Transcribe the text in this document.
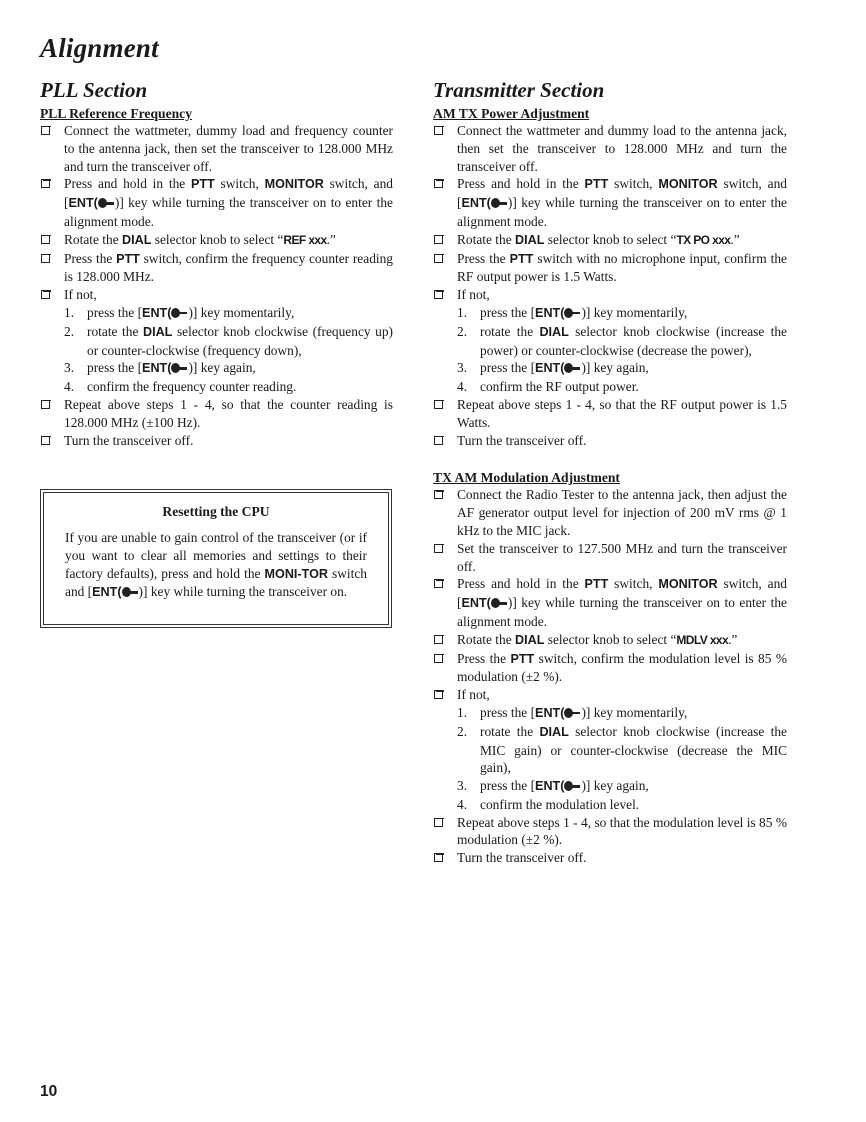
Alignment
PLL Section
PLL Reference Frequency
Connect the wattmeter, dummy load and frequency counter to the antenna jack, then set the transceiver to 128.000 MHz and turn the transceiver off.
Press and hold in the PTT switch, MONITOR switch, and [ENT( )] key while turning the transceiver on to enter the alignment mode.
Rotate the DIAL selector knob to select “REF xxx.”
Press the PTT switch, confirm the frequency counter reading is 128.000 MHz.
If not,
1. press the [ENT( )] key momentarily,
2. rotate the DIAL selector knob clockwise (frequency up) or counter-clockwise (frequency down),
3. press the [ENT( )] key again,
4. confirm the frequency counter reading.
Repeat above steps 1 - 4, so that the counter reading is 128.000 MHz (±100 Hz).
Turn the transceiver off.
Resetting the CPU
If you are unable to gain control of the transceiver (or if you want to clear all memories and settings to their factory defaults), press and hold the MONI-TOR switch and [ENT( )] key while turning the transceiver on.
Transmitter Section
AM TX Power Adjustment
Connect the wattmeter and dummy load to the antenna jack, then set the transceiver to 128.000 MHz and turn the transceiver off.
Press and hold in the PTT switch, MONITOR switch, and [ENT( )] key while turning the transceiver on to enter the alignment mode.
Rotate the DIAL selector knob to select “TX PO xxx.”
Press the PTT switch with no microphone input, confirm the RF output power is 1.5 Watts.
If not,
1. press the [ENT( )] key momentarily,
2. rotate the DIAL selector knob clockwise (increase the power) or counter-clockwise (decrease the power),
3. press the [ENT( )] key again,
4. confirm the RF output power.
Repeat above steps 1 - 4, so that the RF output power is 1.5 Watts.
Turn the transceiver off.
TX AM Modulation Adjustment
Connect the Radio Tester to the antenna jack, then adjust the AF generator output level for injection of 200 mV rms @ 1 kHz to the MIC jack.
Set the transceiver to 127.500 MHz and turn the transceiver off.
Press and hold in the PTT switch, MONITOR switch, and [ENT( )] key while turning the transceiver on to enter the alignment mode.
Rotate the DIAL selector knob to select “MDLV xxx.”
Press the PTT switch, confirm the modulation level is 85 % modulation (±2 %).
If not,
1. press the [ENT( )] key momentarily,
2. rotate the DIAL selector knob clockwise (increase the MIC gain) or counter-clockwise (decrease the MIC gain),
3. press the [ENT( )] key again,
4. confirm the modulation level.
Repeat above steps 1 - 4, so that the modulation level is 85 % modulation (±2 %).
Turn the transceiver off.
10
